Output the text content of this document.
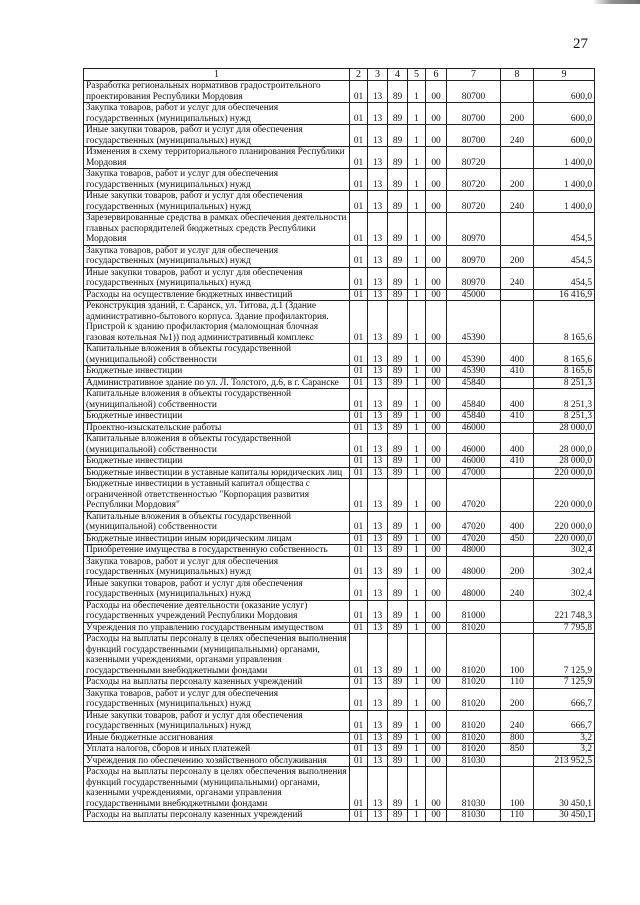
27
1	2	3	4	5	6	7	8	9
Разработка региональных нормативов градостроительного проектирования Республики Мордовия	01	13	89	1	00	80700		600,0
Закупка товаров, работ и услуг для обеспечения государственных (муниципальных) нужд	01	13	89	1	00	80700	200	600,0
Иные закупки товаров, работ и услуг для обеспечения государственных (муниципальных) нужд	01	13	89	1	00	80700	240	600,0
Изменения в схему территориального планирования Республики Мордовия	01	13	89	1	00	80720		1 400,0
Закупка товаров, работ и услуг для обеспечения государственных (муниципальных) нужд	01	13	89	1	00	80720	200	1 400,0
Иные закупки товаров, работ и услуг для обеспечения государственных (муниципальных) нужд	01	13	89	1	00	80720	240	1 400,0
Зарезервированные средства в рамках обеспечения деятельности главных распорядителей бюджетных средств Республики Мордовия	01	13	89	1	00	80970		454,5
Закупка товаров, работ и услуг для обеспечения государственных (муниципальных) нужд	01	13	89	1	00	80970	200	454,5
Иные закупки товаров, работ и услуг для обеспечения государственных (муниципальных) нужд	01	13	89	1	00	80970	240	454,5
Расходы на осуществление бюджетных инвестиций	01	13	89	1	00	45000		16 416,9
Реконструкция зданий, г. Саранск, ул. Титова, д.1 (Здание административно-бытового корпуса. Здание профилактория. Пристрой к зданию профилактория (маломощная блочная газовая котельная №1)) под административный комплекс	01	13	89	1	00	45390		8 165,6
Капитальные вложения в объекты государственной (муниципальной) собственности	01	13	89	1	00	45390	400	8 165,6
Бюджетные инвестиции	01	13	89	1	00	45390	410	8 165,6
Административное здание по ул. Л. Толстого, д.6, в г. Саранске	01	13	89	1	00	45840		8 251,3
Капитальные вложения в объекты государственной (муниципальной) собственности	01	13	89	1	00	45840	400	8 251,3
Бюджетные инвестиции	01	13	89	1	00	45840	410	8 251,3
Проектно-изыскательские работы	01	13	89	1	00	46000		28 000,0
Капитальные вложения в объекты государственной (муниципальной) собственности	01	13	89	1	00	46000	400	28 000,0
Бюджетные инвестиции	01	13	89	1	00	46000	410	28 000,0
Бюджетные инвестиции в уставные капиталы юридических лиц	01	13	89	1	00	47000		220 000,0
Бюджетные инвестиции в уставный капитал общества с ограниченной ответственностью "Корпорация развития Республики Мордовия"	01	13	89	1	00	47020		220 000,0
Капитальные вложения в объекты государственной (муниципальной) собственности	01	13	89	1	00	47020	400	220 000,0
Бюджетные инвестиции иным юридическим лицам	01	13	89	1	00	47020	450	220 000,0
Приобретение имущества в государственную собственность	01	13	89	1	00	48000		302,4
Закупка товаров, работ и услуг для обеспечения государственных (муниципальных) нужд	01	13	89	1	00	48000	200	302,4
Иные закупки товаров, работ и услуг для обеспечения государственных (муниципальных) нужд	01	13	89	1	00	48000	240	302,4
Расходы на обеспечение деятельности (оказание услуг) государственных учреждений Республики Мордовия	01	13	89	1	00	81000		221 748,3
Учреждения по управлению государственным имуществом	01	13	89	1	00	81020		7 795,8
Расходы на выплаты персоналу в целях обеспечения выполнения функций государственными (муниципальными) органами, казенными учреждениями, органами управления государственными внебюджетными фондами	01	13	89	1	00	81020	100	7 125,9
Расходы на выплаты персоналу казенных учреждений	01	13	89	1	00	81020	110	7 125,9
Закупка товаров, работ и услуг для обеспечения государственных (муниципальных) нужд	01	13	89	1	00	81020	200	666,7
Иные закупки товаров, работ и услуг для обеспечения государственных (муниципальных) нужд	01	13	89	1	00	81020	240	666,7
Иные бюджетные ассигнования	01	13	89	1	00	81020	800	3,2
Уплата налогов, сборов и иных платежей	01	13	89	1	00	81020	850	3,2
Учреждения по обеспечению хозяйственного обслуживания	01	13	89	1	00	81030		213 952,5
Расходы на выплаты персоналу в целях обеспечения выполнения функций государственными (муниципальными) органами, казенными учреждениями, органами управления государственными внебюджетными фондами	01	13	89	1	00	81030	100	30 450,1
Расходы на выплаты персоналу казенных учреждений	01	13	89	1	00	81030	110	30 450,1
